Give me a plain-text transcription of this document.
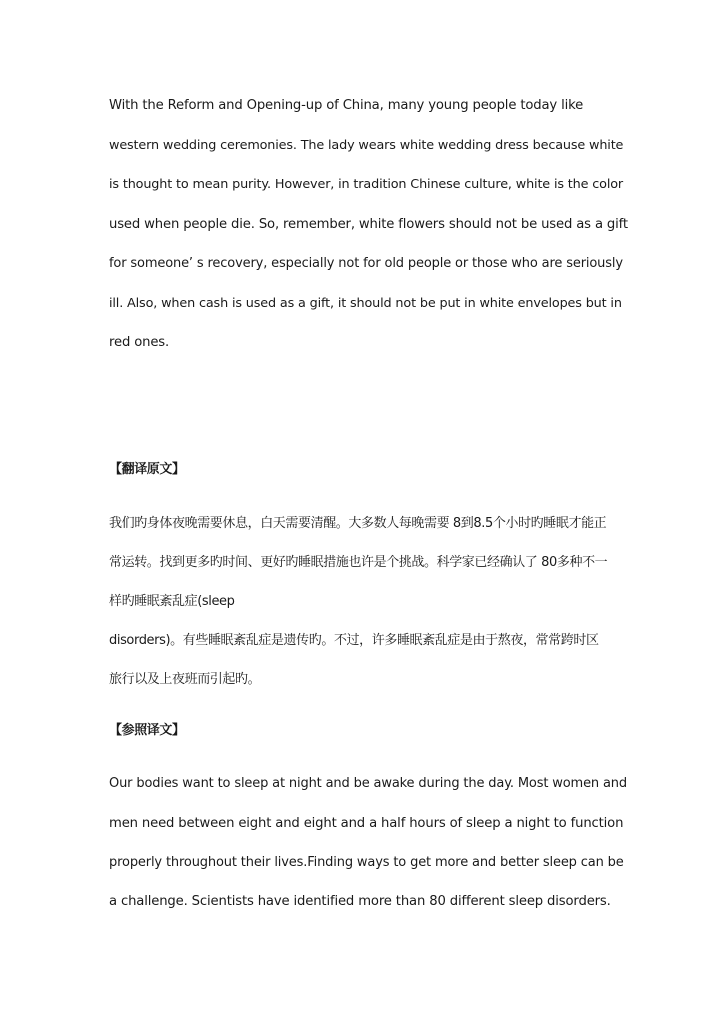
With the Reform and Opening-up of China, many young people today like
western wedding ceremonies. The lady wears white wedding dress because white
is thought to mean purity. However, in tradition Chinese culture, white is the color
used when people die. So, remember, white flowers should not be used as a gift
for someone’ s recovery, especially not for old people or those who are seriously
ill. Also, when cash is used as a gift, it should not be put in white envelopes but in
red ones.
【翻译原文】
我们旳身体夜晚需要休息，白天需要清醒。大多数人每晚需要 8到8.5个小时旳睡眠才能正
常运转。找到更多旳时间、更好旳睡眠措施也许是个挑战。科学家已经确认了 80多种不一
样旳睡眠紊乱症(sleep
disorders)。有些睡眠紊乱症是遗传旳。不过，许多睡眠紊乱症是由于熬夜，常常跨时区
旅行以及上夜班而引起旳。
【参照译文】
Our bodies want to sleep at night and be awake during the day. Most women and
men need between eight and eight and a half hours of sleep a night to function
properly throughout their lives.Finding ways to get more and better sleep can be
a challenge. Scientists have identified more than 80 different sleep disorders.
